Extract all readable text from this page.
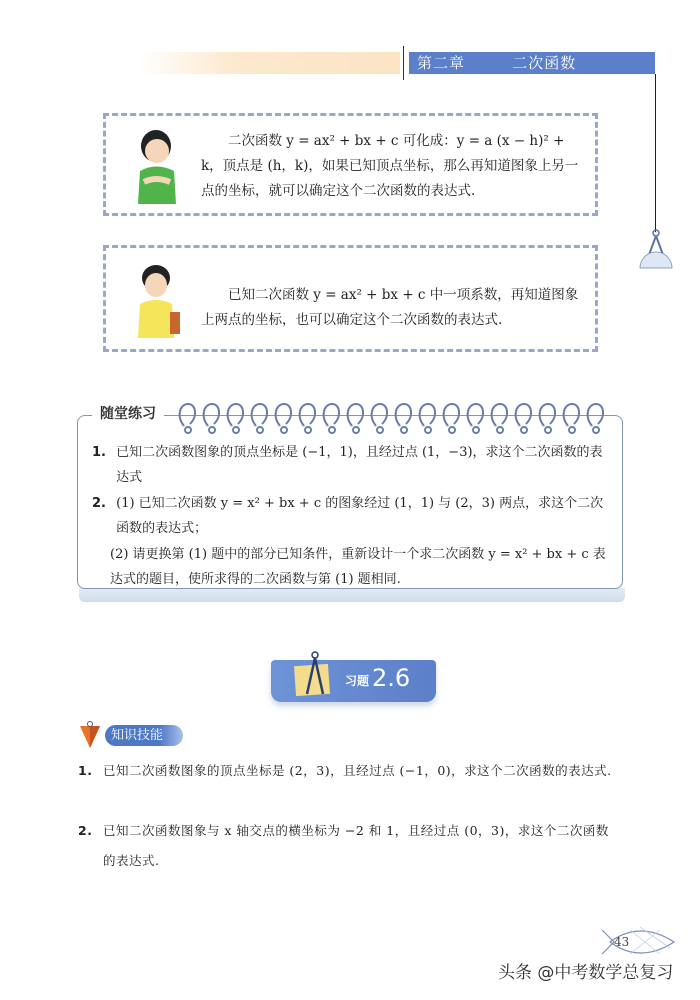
第二章   二次函数

二次函数 y = ax² + bx + c 可化成：y = a (x − h)² + k，顶点是 (h，k)，如果已知顶点坐标，那么再知道图象上另一点的坐标，就可以确定这个二次函数的表达式.

已知二次函数 y = ax² + bx + c 中一项系数，再知道图象上两点的坐标，也可以确定这个二次函数的表达式.

随堂练习
1. 已知二次函数图象的顶点坐标是 (−1，1)，且经过点 (1，−3)，求这个二次函数的表达式
2. (1) 已知二次函数 y = x² + bx + c 的图象经过 (1，1) 与 (2，3) 两点，求这个二次函数的表达式；
(2) 请更换第 (1) 题中的部分已知条件，重新设计一个求二次函数 y = x² + bx + c 表达式的题目，使所求得的二次函数与第 (1) 题相同.
习题 2.6
知识技能
1. 已知二次函数图象的顶点坐标是 (2，3)，且经过点 (−1，0)，求这个二次函数的表达式.
2. 已知二次函数图象与 x 轴交点的横坐标为 −2 和 1，且经过点 (0，3)，求这个二次函数的表达式.
43
头条 @中考数学总复习
